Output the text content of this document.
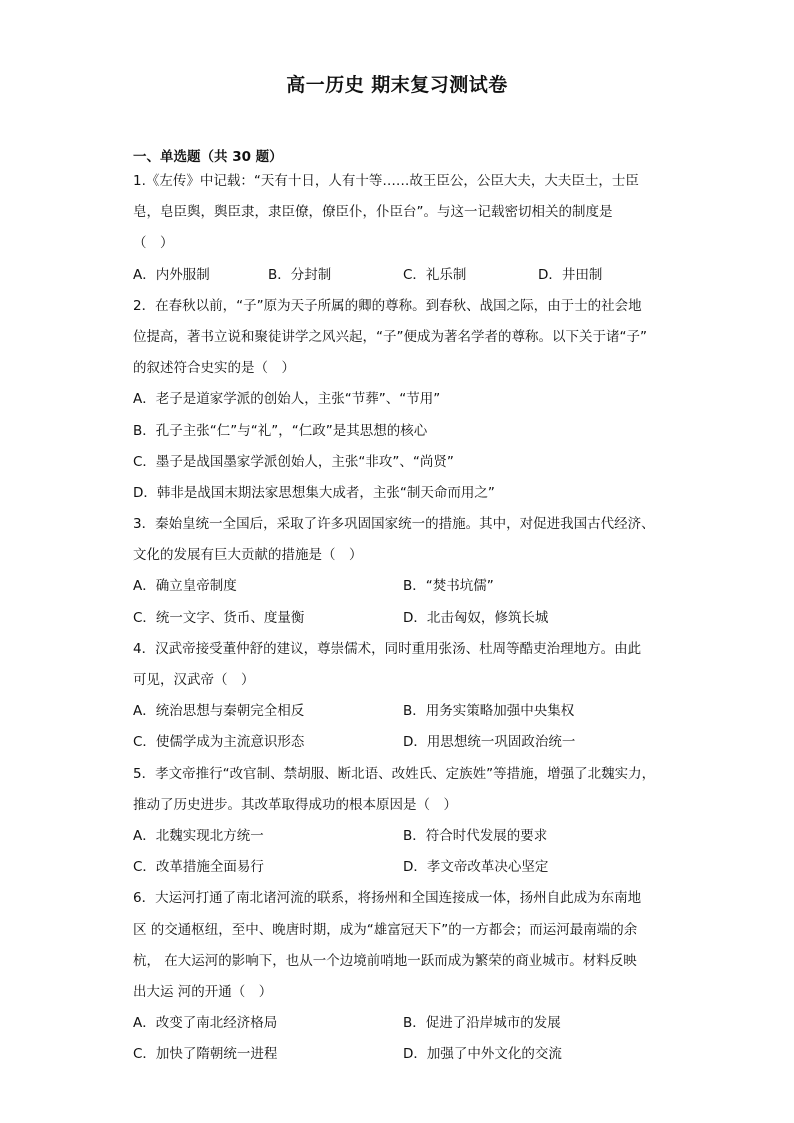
高一历史 期末复习测试卷
一、单选题（共 30 题）
1.《左传》中记载：“天有十日，人有十等……故王臣公，公臣大夫，大夫臣士，士臣
皂，皂臣舆，舆臣隶，隶臣僚，僚臣仆，仆臣台”。与这一记载密切相关的制度是
（　）
A．内外服制	B．分封制	C．礼乐制	D．井田制
2．在春秋以前，“子”原为天子所属的卿的尊称。到春秋、战国之际，由于士的社会地
位提高，著书立说和聚徒讲学之风兴起，“子”便成为著名学者的尊称。以下关于诸“子”
的叙述符合史实的是（　）
A．老子是道家学派的创始人，主张“节葬”、“节用”
B．孔子主张“仁”与“礼”，“仁政”是其思想的核心
C．墨子是战国墨家学派创始人，主张“非攻”、“尚贤”
D．韩非是战国末期法家思想集大成者，主张“制天命而用之”
3．秦始皇统一全国后，采取了许多巩固国家统一的措施。其中，对促进我国古代经济、
文化的发展有巨大贡献的措施是（　）
A．确立皇帝制度	B．“焚书坑儒”
C．统一文字、货币、度量衡	D．北击匈奴，修筑长城
4．汉武帝接受董仲舒的建议，尊崇儒术，同时重用张汤、杜周等酷吏治理地方。由此
可见，汉武帝（　）
A．统治思想与秦朝完全相反	B．用务实策略加强中央集权
C．使儒学成为主流意识形态	D．用思想统一巩固政治统一
5．孝文帝推行“改官制、禁胡服、断北语、改姓氏、定族姓”等措施，增强了北魏实力，
推动了历史进步。其改革取得成功的根本原因是（　）
A．北魏实现北方统一	B．符合时代发展的要求
C．改革措施全面易行	D．孝文帝改革决心坚定
6．大运河打通了南北诸河流的联系，将扬州和全国连接成一体，扬州自此成为东南地
区 的交通枢纽，至中、晚唐时期，成为“雄富冠天下”的一方都会；而运河最南端的余
杭， 在大运河的影响下，也从一个边境前哨地一跃而成为繁荣的商业城市。材料反映
出大运 河的开通（　）
A．改变了南北经济格局	B．促进了沿岸城市的发展
C．加快了隋朝统一进程	D．加强了中外文化的交流
